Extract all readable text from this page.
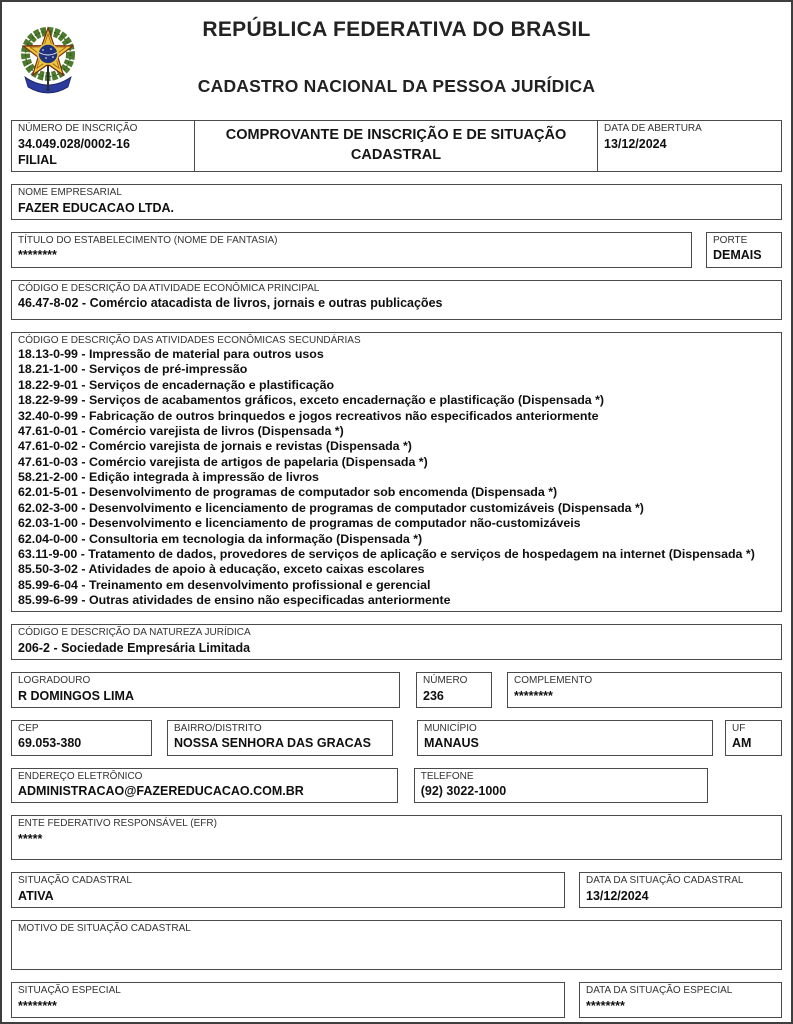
REPÚBLICA FEDERATIVA DO BRASIL
CADASTRO NACIONAL DA PESSOA JURÍDICA
NÚMERO DE INSCRIÇÃO
34.049.028/0002-16
FILIAL
COMPROVANTE DE INSCRIÇÃO E DE SITUAÇÃO CADASTRAL
DATA DE ABERTURA
13/12/2024
NOME EMPRESARIAL
FAZER EDUCACAO LTDA.
TÍTULO DO ESTABELECIMENTO (NOME DE FANTASIA)
********
PORTE
DEMAIS
CÓDIGO E DESCRIÇÃO DA ATIVIDADE ECONÔMICA PRINCIPAL
46.47-8-02 - Comércio atacadista de livros, jornais e outras publicações
CÓDIGO E DESCRIÇÃO DAS ATIVIDADES ECONÔMICAS SECUNDÁRIAS
18.13-0-99 - Impressão de material para outros usos
18.21-1-00 - Serviços de pré-impressão
18.22-9-01 - Serviços de encadernação e plastificação
18.22-9-99 - Serviços de acabamentos gráficos, exceto encadernação e plastificação (Dispensada *)
32.40-0-99 - Fabricação de outros brinquedos e jogos recreativos não especificados anteriormente
47.61-0-01 - Comércio varejista de livros (Dispensada *)
47.61-0-02 - Comércio varejista de jornais e revistas (Dispensada *)
47.61-0-03 - Comércio varejista de artigos de papelaria (Dispensada *)
58.21-2-00 - Edição integrada à impressão de livros
62.01-5-01 - Desenvolvimento de programas de computador sob encomenda (Dispensada *)
62.02-3-00 - Desenvolvimento e licenciamento de programas de computador customizáveis (Dispensada *)
62.03-1-00 - Desenvolvimento e licenciamento de programas de computador não-customizáveis
62.04-0-00 - Consultoria em tecnologia da informação (Dispensada *)
63.11-9-00 - Tratamento de dados, provedores de serviços de aplicação e serviços de hospedagem na internet (Dispensada *)
85.50-3-02 - Atividades de apoio à educação, exceto caixas escolares
85.99-6-04 - Treinamento em desenvolvimento profissional e gerencial
85.99-6-99 - Outras atividades de ensino não especificadas anteriormente
CÓDIGO E DESCRIÇÃO DA NATUREZA JURÍDICA
206-2 - Sociedade Empresária Limitada
LOGRADOURO
R DOMINGOS LIMA
NÚMERO
236
COMPLEMENTO
********
CEP
69.053-380
BAIRRO/DISTRITO
NOSSA SENHORA DAS GRACAS
MUNICÍPIO
MANAUS
UF
AM
ENDEREÇO ELETRÔNICO
ADMINISTRACAO@FAZEREDUCACAO.COM.BR
TELEFONE
(92) 3022-1000
ENTE FEDERATIVO RESPONSÁVEL (EFR)
*****
SITUAÇÃO CADASTRAL
ATIVA
DATA DA SITUAÇÃO CADASTRAL
13/12/2024
MOTIVO DE SITUAÇÃO CADASTRAL
SITUAÇÃO ESPECIAL
********
DATA DA SITUAÇÃO ESPECIAL
********
